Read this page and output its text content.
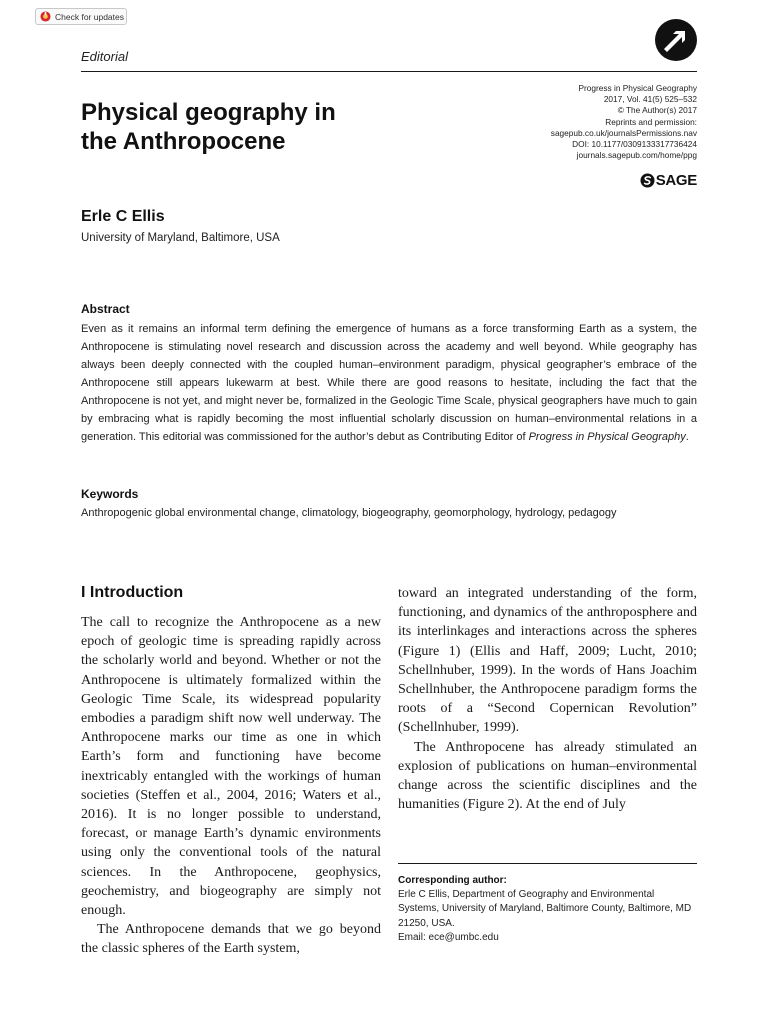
Check for updates
Editorial
Physical geography in
the Anthropocene
Progress in Physical Geography
2017, Vol. 41(5) 525–532
© The Author(s) 2017
Reprints and permission:
sagepub.co.uk/journalsPermissions.nav
DOI: 10.1177/0309133317736424
journals.sagepub.com/home/ppg
SAGE
Erle C Ellis
University of Maryland, Baltimore, USA
Abstract
Even as it remains an informal term defining the emergence of humans as a force transforming Earth as a system, the Anthropocene is stimulating novel research and discussion across the academy and well beyond. While geography has always been deeply connected with the coupled human–environment paradigm, physical geographer’s embrace of the Anthropocene still appears lukewarm at best. While there are good reasons to hesitate, including the fact that the Anthropocene is not yet, and might never be, formalized in the Geologic Time Scale, physical geographers have much to gain by embracing what is rapidly becoming the most influential scholarly discussion on human–environmental relations in a generation. This editorial was commissioned for the author’s debut as Contributing Editor of Progress in Physical Geography.
Keywords
Anthropogenic global environmental change, climatology, biogeography, geomorphology, hydrology, pedagogy
I Introduction

The call to recognize the Anthropocene as a new epoch of geologic time is spreading rapidly across the scholarly world and beyond. Whether or not the Anthropocene is ultimately formalized within the Geologic Time Scale, its widespread popularity embodies a paradigm shift now well underway. The Anthropocene marks our time as one in which Earth’s form and functioning have become inextricably entangled with the workings of human societies (Steffen et al., 2004, 2016; Waters et al., 2016). It is no longer possible to understand, forecast, or manage Earth’s dynamic environments using only the conventional tools of the natural sciences. In the Anthropocene, geophysics, geochemistry, and biogeography are simply not enough.

The Anthropocene demands that we go beyond the classic spheres of the Earth system,

toward an integrated understanding of the form, functioning, and dynamics of the anthroposphere and its interlinkages and interactions across the spheres (Figure 1) (Ellis and Haff, 2009; Lucht, 2010; Schellnhuber, 1999). In the words of Hans Joachim Schellnhuber, the Anthropocene paradigm forms the roots of a “Second Copernican Revolution” (Schellnhuber, 1999).

The Anthropocene has already stimulated an explosion of publications on human–environmental change across the scientific disciplines and the humanities (Figure 2). At the end of July

Corresponding author:
Erle C Ellis, Department of Geography and Environmental Systems, University of Maryland, Baltimore County, Baltimore, MD 21250, USA.
Email: ece@umbc.edu
